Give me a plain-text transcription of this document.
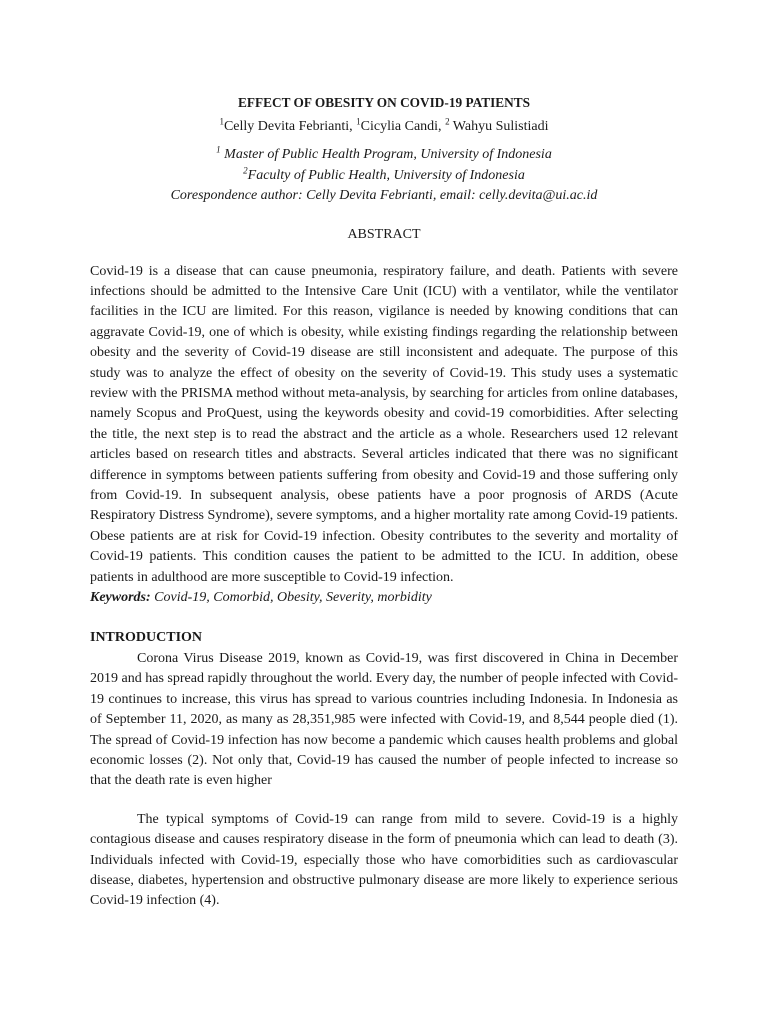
EFFECT OF OBESITY ON COVID-19 PATIENTS
$^1$Celly Devita Febrianti, $^1$Cicylia Candi, $^2$ Wahyu Sulistiadi
$^1$ Master of Public Health Program, University of Indonesia
$^2$Faculty of Public Health, University of Indonesia
Corespondence author: Celly Devita Febrianti, email: celly.devita@ui.ac.id
ABSTRACT

Covid-19 is a disease that can cause pneumonia, respiratory failure, and death. Patients with severe infections should be admitted to the Intensive Care Unit (ICU) with a ventilator, while the ventilator facilities in the ICU are limited. For this reason, vigilance is needed by knowing conditions that can aggravate Covid-19, one of which is obesity, while existing findings regarding the relationship between obesity and the severity of Covid-19 disease are still inconsistent and adequate. The purpose of this study was to analyze the effect of obesity on the severity of Covid-19. This study uses a systematic review with the PRISMA method without meta-analysis, by searching for articles from online databases, namely Scopus and ProQuest, using the keywords obesity and covid-19 comorbidities. After selecting the title, the next step is to read the abstract and the article as a whole. Researchers used 12 relevant articles based on research titles and abstracts. Several articles indicated that there was no significant difference in symptoms between patients suffering from obesity and Covid-19 and those suffering only from Covid-19. In subsequent analysis, obese patients have a poor prognosis of ARDS (Acute Respiratory Distress Syndrome), severe symptoms, and a higher mortality rate among Covid-19 patients. Obese patients are at risk for Covid-19 infection. Obesity contributes to the severity and mortality of Covid-19 patients. This condition causes the patient to be admitted to the ICU. In addition, obese patients in adulthood are more susceptible to Covid-19 infection.

Keywords: Covid-19, Comorbid, Obesity, Severity, morbidity

INTRODUCTION

Corona Virus Disease 2019, known as Covid-19, was first discovered in China in December 2019 and has spread rapidly throughout the world. Every day, the number of people infected with Covid-19 continues to increase, this virus has spread to various countries including Indonesia. In Indonesia as of September 11, 2020, as many as 28,351,985 were infected with Covid-19, and 8,544 people died (1). The spread of Covid-19 infection has now become a pandemic which causes health problems and global economic losses (2). Not only that, Covid-19 has caused the number of people infected to increase so that the death rate is even higher

The typical symptoms of Covid-19 can range from mild to severe. Covid-19 is a highly contagious disease and causes respiratory disease in the form of pneumonia which can lead to death (3). Individuals infected with Covid-19, especially those who have comorbidities such as cardiovascular disease, diabetes, hypertension and obstructive pulmonary disease are more likely to experience serious Covid-19 infection (4).
